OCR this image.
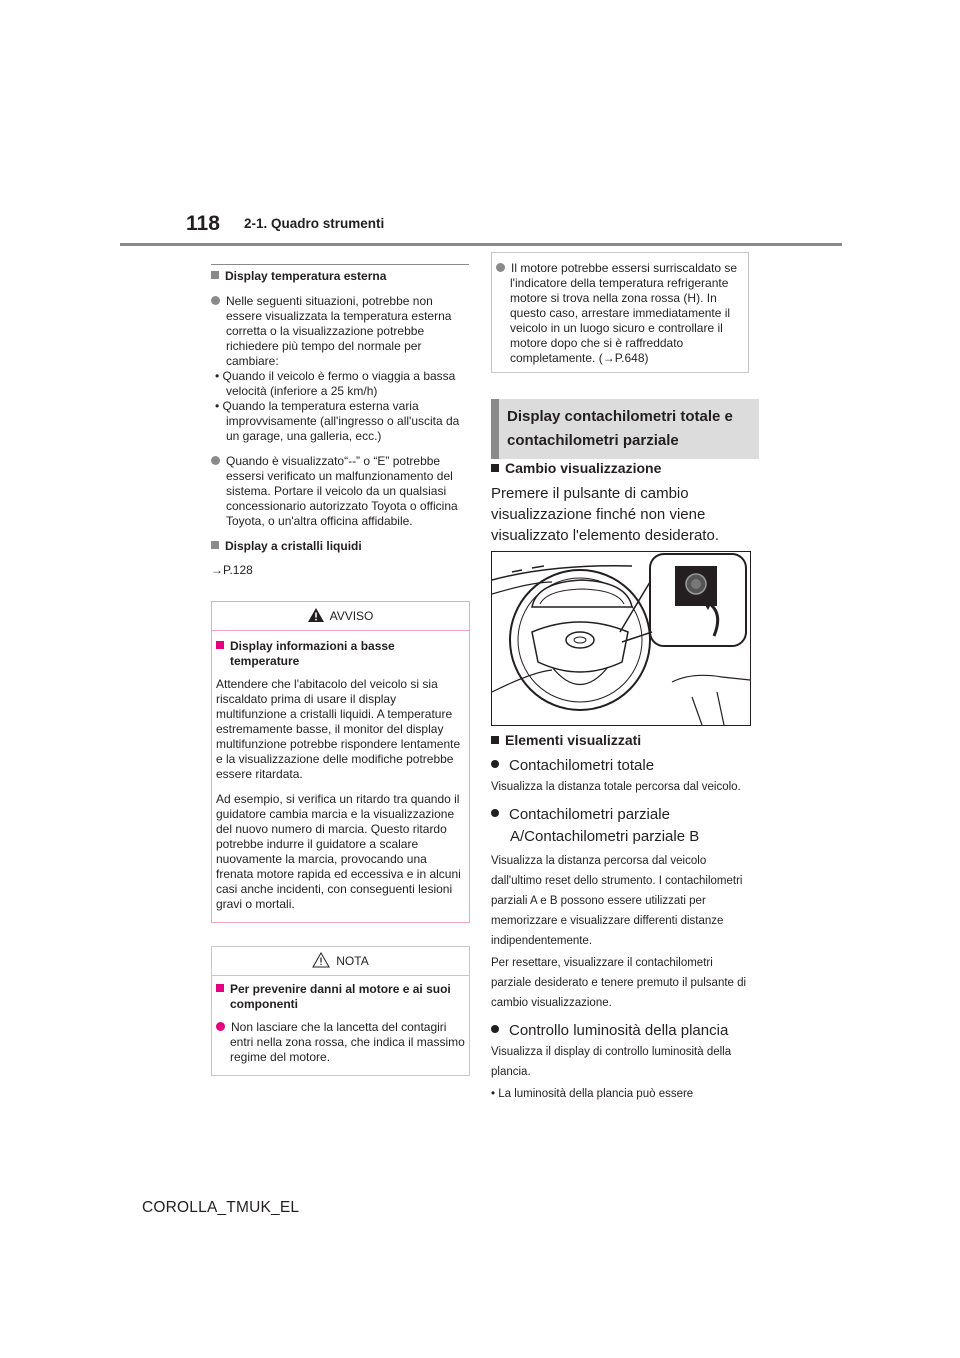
118 2-1. Quadro strumenti
Display temperatura esterna
Nelle seguenti situazioni, potrebbe non essere visualizzata la temperatura esterna corretta o la visualizzazione potrebbe richiedere più tempo del normale per cambiare:
• Quando il veicolo è fermo o viaggia a bassa velocità (inferiore a 25 km/h)
• Quando la temperatura esterna varia improvvisamente (all'ingresso o all'uscita da un garage, una galleria, ecc.)
Quando è visualizzato“--” o “E” potrebbe essersi verificato un malfunzionamento del sistema. Portare il veicolo da un qualsiasi concessionario autorizzato Toyota o officina Toyota, o un'altra officina affidabile.
Display a cristalli liquidi
→P.128
AVVISO
Display informazioni a basse temperature
Attendere che l'abitacolo del veicolo si sia riscaldato prima di usare il display multifunzione a cristalli liquidi. A temperature estremamente basse, il monitor del display multifunzione potrebbe rispondere lentamente e la visualizzazione delle modifiche potrebbe essere ritardata.
Ad esempio, si verifica un ritardo tra quando il guidatore cambia marcia e la visualizzazione del nuovo numero di marcia. Questo ritardo potrebbe indurre il guidatore a scalare nuovamente la marcia, provocando una frenata motore rapida ed eccessiva e in alcuni casi anche incidenti, con conseguenti lesioni gravi o mortali.
NOTA
Per prevenire danni al motore e ai suoi componenti
Non lasciare che la lancetta del contagiri entri nella zona rossa, che indica il massimo regime del motore.
Il motore potrebbe essersi surriscaldato se l'indicatore della temperatura refrigerante motore si trova nella zona rossa (H). In questo caso, arrestare immediatamente il veicolo in un luogo sicuro e controllare il motore dopo che si è raffreddato completamente. (→P.648)
Display contachilometri totale e contachilometri parziale
Cambio visualizzazione
Premere il pulsante di cambio visualizzazione finché non viene visualizzato l'elemento desiderato.
Elementi visualizzati
Contachilometri totale
Visualizza la distanza totale percorsa dal veicolo.
Contachilometri parziale A/Contachilometri parziale B
Visualizza la distanza percorsa dal veicolo dall'ultimo reset dello strumento. I contachilometri parziali A e B possono essere utilizzati per memorizzare e visualizzare differenti distanze indipendentemente.
Per resettare, visualizzare il contachilometri parziale desiderato e tenere premuto il pulsante di cambio visualizzazione.
Controllo luminosità della plancia
Visualizza il display di controllo luminosità della plancia.
• La luminosità della plancia può essere
COROLLA_TMUK_EL
